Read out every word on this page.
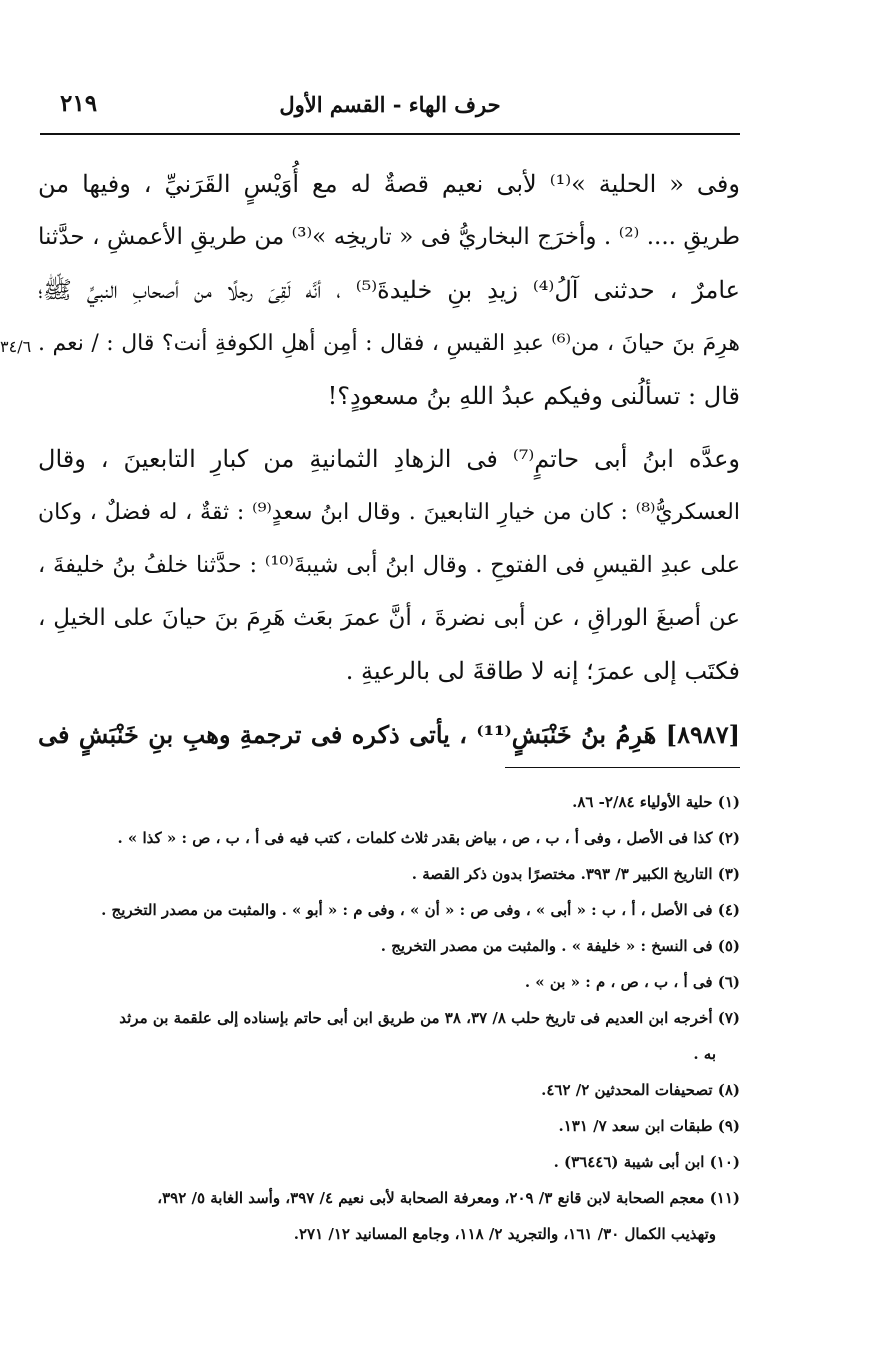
حرف الهاء - القسم الأول
٢١٩
٣٤/٦
وفى « الحلية »⁽¹⁾ لأبى نعيم قصةٌ له مع أُوَيْسٍ القَرَنيِّ ، وفيها من
طريقِ .... ⁽²⁾ . وأخرَج البخاريُّ فى « تاريخِه »⁽³⁾ من طريقِ الأعمشِ ، حدَّثنا
عامرٌ ، حدثنى آلُ⁽⁴⁾ زيدِ بنِ خليدةَ⁽⁵⁾ ، أنَّه لَقِىَ رجلًا من أصحابِ النبيِّ ﷺ؛
هرِمَ بنَ حيانَ ، من⁽⁶⁾ عبدِ القيسِ ، فقال : أمِن أهلِ الكوفةِ أنت؟ قال : / نعم .
قال : تسألُنى وفيكم عبدُ اللهِ بنُ مسعودٍ؟!
وعدَّه ابنُ أبى حاتمٍ⁽⁷⁾ فى الزهادِ الثمانيةِ من كبارِ التابعينَ ، وقال
العسكريُّ⁽⁸⁾ : كان من خيارِ التابعينَ . وقال ابنُ سعدٍ⁽⁹⁾ : ثقةٌ ، له فضلٌ ، وكان
على عبدِ القيسِ فى الفتوحِ . وقال ابنُ أبى شيبةَ⁽¹⁰⁾ : حدَّثنا خلفُ بنُ خليفةَ ،
عن أصبغَ الوراقِ ، عن أبى نضرةَ ، أنَّ عمرَ بعَث هَرِمَ بنَ حيانَ على الخيلِ ،
فكتَب إلى عمرَ؛ إنه لا طاقةَ لى بالرعيةِ .
[٨٩٨٧] هَرِمُ بنُ خَنْبَشٍ⁽¹¹⁾ ، يأتى ذكره فى ترجمةِ وهبِ بنِ خَنْبَشٍ فى
(١) حلية الأولياء ٢/٨٤- ٨٦.
(٢) كذا فى الأصل ، وفى أ ، ب ، ص ، بياض بقدر ثلاث كلمات ، كتب فيه فى أ ، ب ، ص : « كذا » .
(٣) التاريخ الكبير ٣/ ٣٩٣. مختصرًا بدون ذكر القصة .
(٤) فى الأصل ، أ ، ب : « أبى » ، وفى ص : « أن » ، وفى م : « أبو » . والمثبت من مصدر التخريج .
(٥) فى النسخ : « خليفة » . والمثبت من مصدر التخريج .
(٦) فى أ ، ب ، ص ، م : « بن » .
(٧) أخرجه ابن العديم فى تاريخ حلب ٨/ ٣٧، ٣٨ من طريق ابن أبى حاتم بإسناده إلى علقمة بن مرثد
به .
(٨) تصحيفات المحدثين ٢/ ٤٦٢.
(٩) طبقات ابن سعد ٧/ ١٣١.
(١٠) ابن أبى شيبة (٣٦٤٤٦) .
(١١) معجم الصحابة لابن قانع ٣/ ٢٠٩، ومعرفة الصحابة لأبى نعيم ٤/ ٣٩٧، وأسد الغابة ٥/ ٣٩٢،
وتهذيب الكمال ٣٠/ ١٦١، والتجريد ٢/ ١١٨، وجامع المسانيد ١٢/ ٢٧١.
